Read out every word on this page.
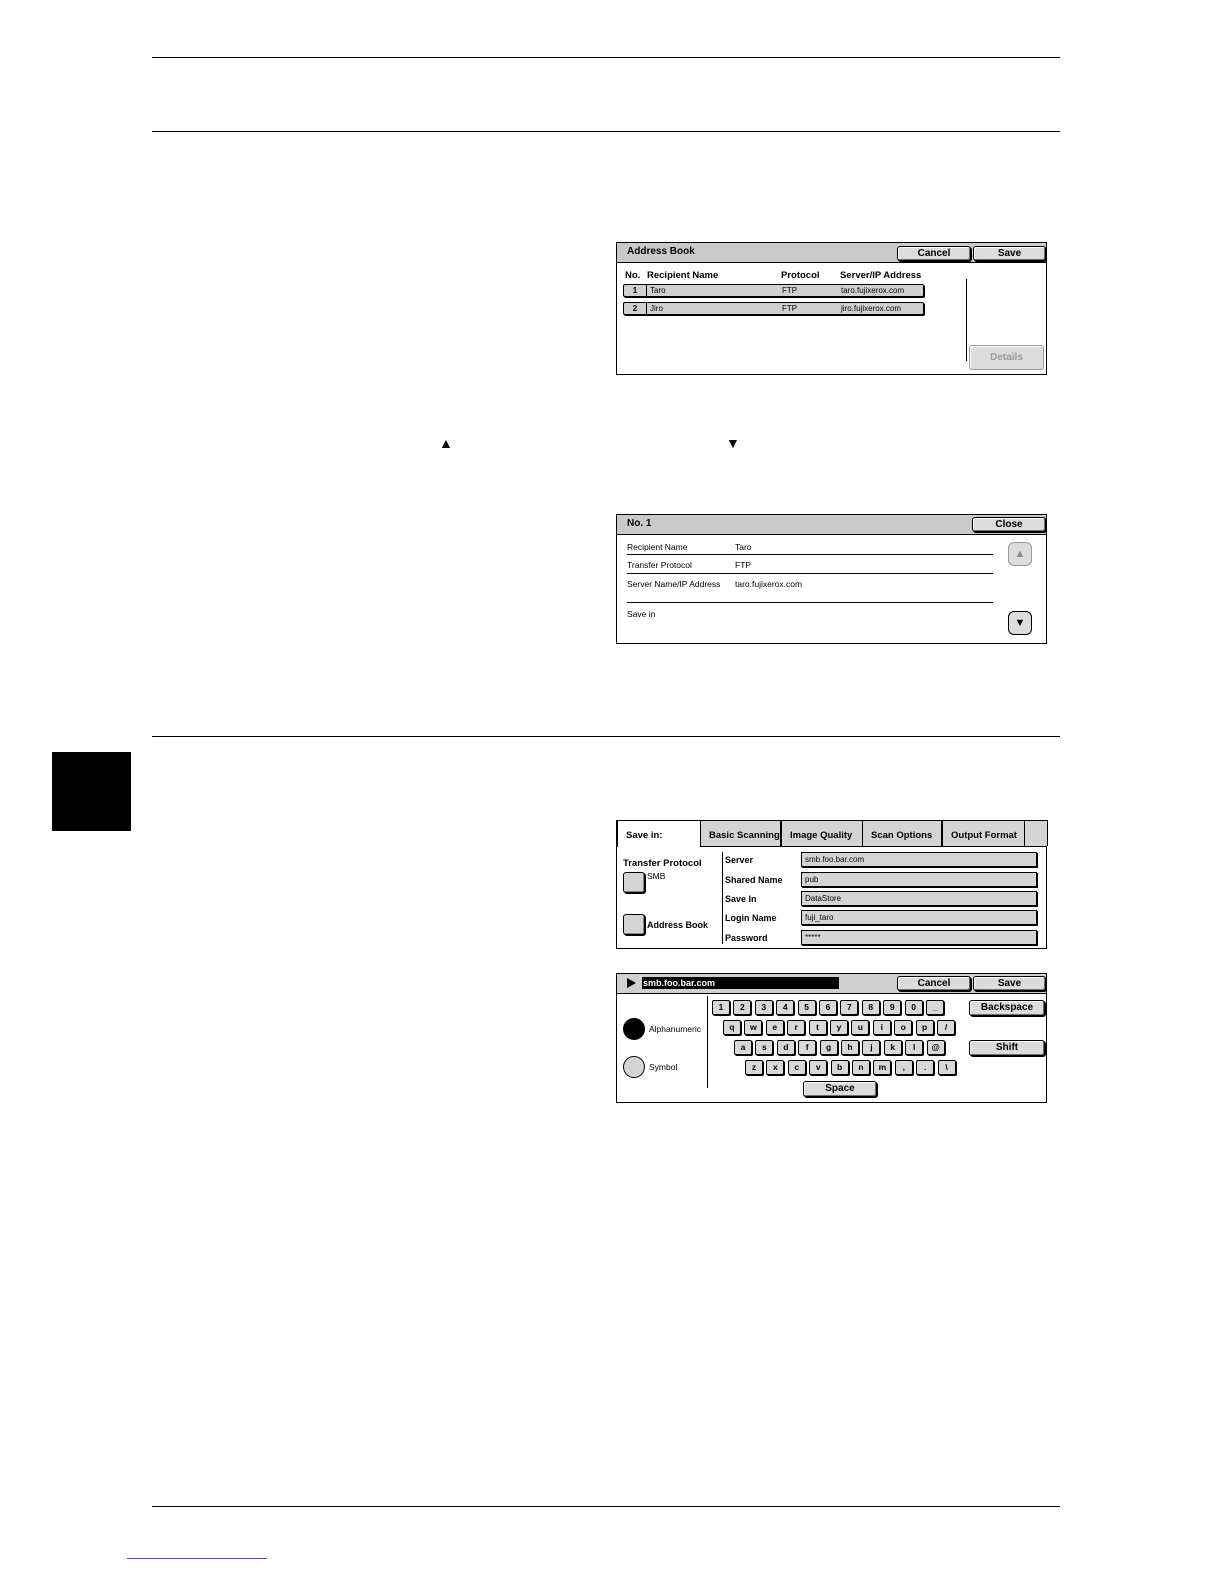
▲	▼
Address Book	Cancel	Save
No. Recipient Name	Protocol Server/IP Address
1	Taro	FTP	taro.fujixerox.com
2	Jiro	FTP	jiro.fujixerox.com
Details
No. 1	Close
Recipient Name	Taro
Transfer Protocol	FTP
Server Name/IP Address taro.fujixerox.com
Save in
▲
▼
Save in:	Basic Scanning	Image Quality	Scan Options	Output Format
Transfer Protocol
SMB
Address Book
Server	smb.foo.bar.com
Shared Name	pub
Save In	DataStore
Login Name	fuji_taro
Password	*****
smb.foo.bar.com	Cancel	Save
Alphanumeric
Symbol
1	2	3	4	5	6	7	8	9	0	_
q	w	e	r	t	y	u	i	o	p	/
a	s	d	f	g	h	j	k	l	@
z	x	c	v	b	n	m	,	.	\
Space
Backspace
Shift
